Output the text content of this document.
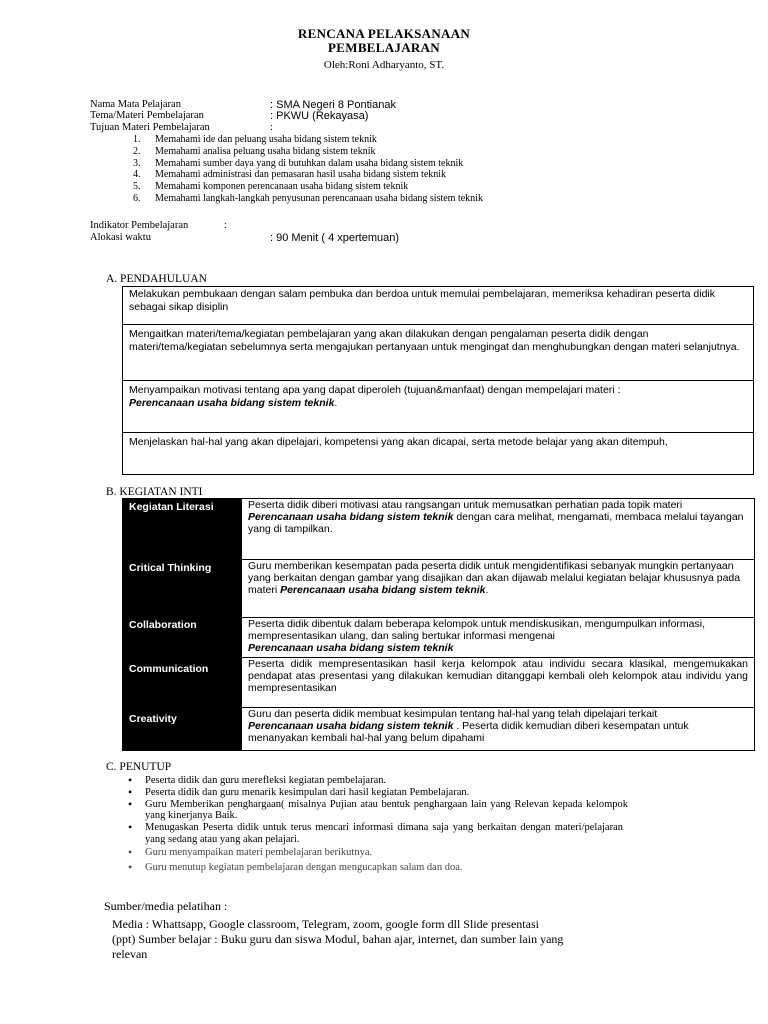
RENCANA PELAKSANAAN
PEMBELAJARAN
Oleh:Roni Adharyanto, ST.
Nama Mata Pelajaran	: SMA Negeri 8 Pontianak
Tema/Materi Pembelajaran	: PKWU (Rekayasa)
Tujuan Materi Pembelajaran	:
1. Memahami ide dan peluang usaha bidang sistem teknik
2. Memahami analisa peluang usaha bidang sistem teknik
3. Memahami sumber daya yang di butuhkan dalam usaha bidang sistem teknik
4. Memahami administrasi dan pemasaran hasil usaha bidang sistem teknik
5. Memahami komponen perencanaan usaha bidang sistem teknik
6. Memahami langkah-langkah penyusunan perencanaan usaha bidang sistem teknik
Indikator Pembelajaran	:
Alokasi waktu	: 90 Menit ( 4 xpertemuan)
A. PENDAHULUAN
Melakukan pembukaan dengan salam pembuka dan berdoa untuk memulai pembelajaran, memeriksa kehadiran peserta didik sebagai sikap disiplin
Mengaitkan materi/tema/kegiatan pembelajaran yang akan dilakukan dengan pengalaman peserta didik dengan materi/tema/kegiatan sebelumnya serta mengajukan pertanyaan untuk mengingat dan menghubungkan dengan materi selanjutnya.
Menyampaikan motivasi tentang apa yang dapat diperoleh (tujuan&manfaat) dengan mempelajari materi :
Perencanaan usaha bidang sistem teknik.
Menjelaskan hal-hal yang akan dipelajari, kompetensi yang akan dicapai, serta metode belajar yang akan ditempuh,
B. KEGIATAN INTI
Kegiatan Literasi	Peserta didik diberi motivasi atau rangsangan untuk memusatkan perhatian pada topik materi
Perencanaan usaha bidang sistem teknik dengan cara melihat, mengamati, membaca melalui tayangan yang di tampilkan.
Critical Thinking	Guru memberikan kesempatan pada peserta didik untuk mengidentifikasi sebanyak mungkin pertanyaan yang berkaitan dengan gambar yang disajikan dan akan dijawab melalui kegiatan belajar khususnya pada materi Perencanaan usaha bidang sistem teknik.
Collaboration	Peserta didik dibentuk dalam beberapa kelompok untuk mendiskusikan, mengumpulkan informasi, mempresentasikan ulang, dan saling bertukar informasi mengenai
Perencanaan usaha bidang sistem teknik
Communication	Peserta didik mempresentasikan hasil kerja kelompok atau individu secara klasikal, mengemukakan pendapat atas presentasi yang dilakukan kemudian ditanggapi kembali oleh kelompok atau individu yang mempresentasikan
Creativity	Guru dan peserta didik membuat kesimpulan tentang hal-hal yang telah dipelajari terkait
Perencanaan usaha bidang sistem teknik . Peserta didik kemudian diberi kesempatan untuk menanyakan kembali hal-hal yang belum dipahami
C. PENUTUP
• Peserta didik dan guru merefleksi kegiatan pembelajaran.
• Peserta didik dan guru menarik kesimpulan dari hasil kegiatan Pembelajaran.
• Guru Memberikan penghargaan( misalnya Pujian atau bentuk penghargaan lain yang Relevan kepada kelompok yang kinerjanya Baik.
• Menugaskan Peserta didik untuk terus mencari informasi dimana saja yang berkaitan dengan materi/pelajaran yang sedang atau yang akan pelajari.
• Guru menyampaikan materi pembelajaran berikutnya.
• Guru menutup kegiatan pembelajaran dengan mengucapkan salam dan doa.
Sumber/media pelatihan :
Media : Whattsapp, Google classroom, Telegram, zoom, google form dll Slide presentasi
(ppt) Sumber belajar : Buku guru dan siswa Modul, bahan ajar, internet, dan sumber lain yang
relevan
